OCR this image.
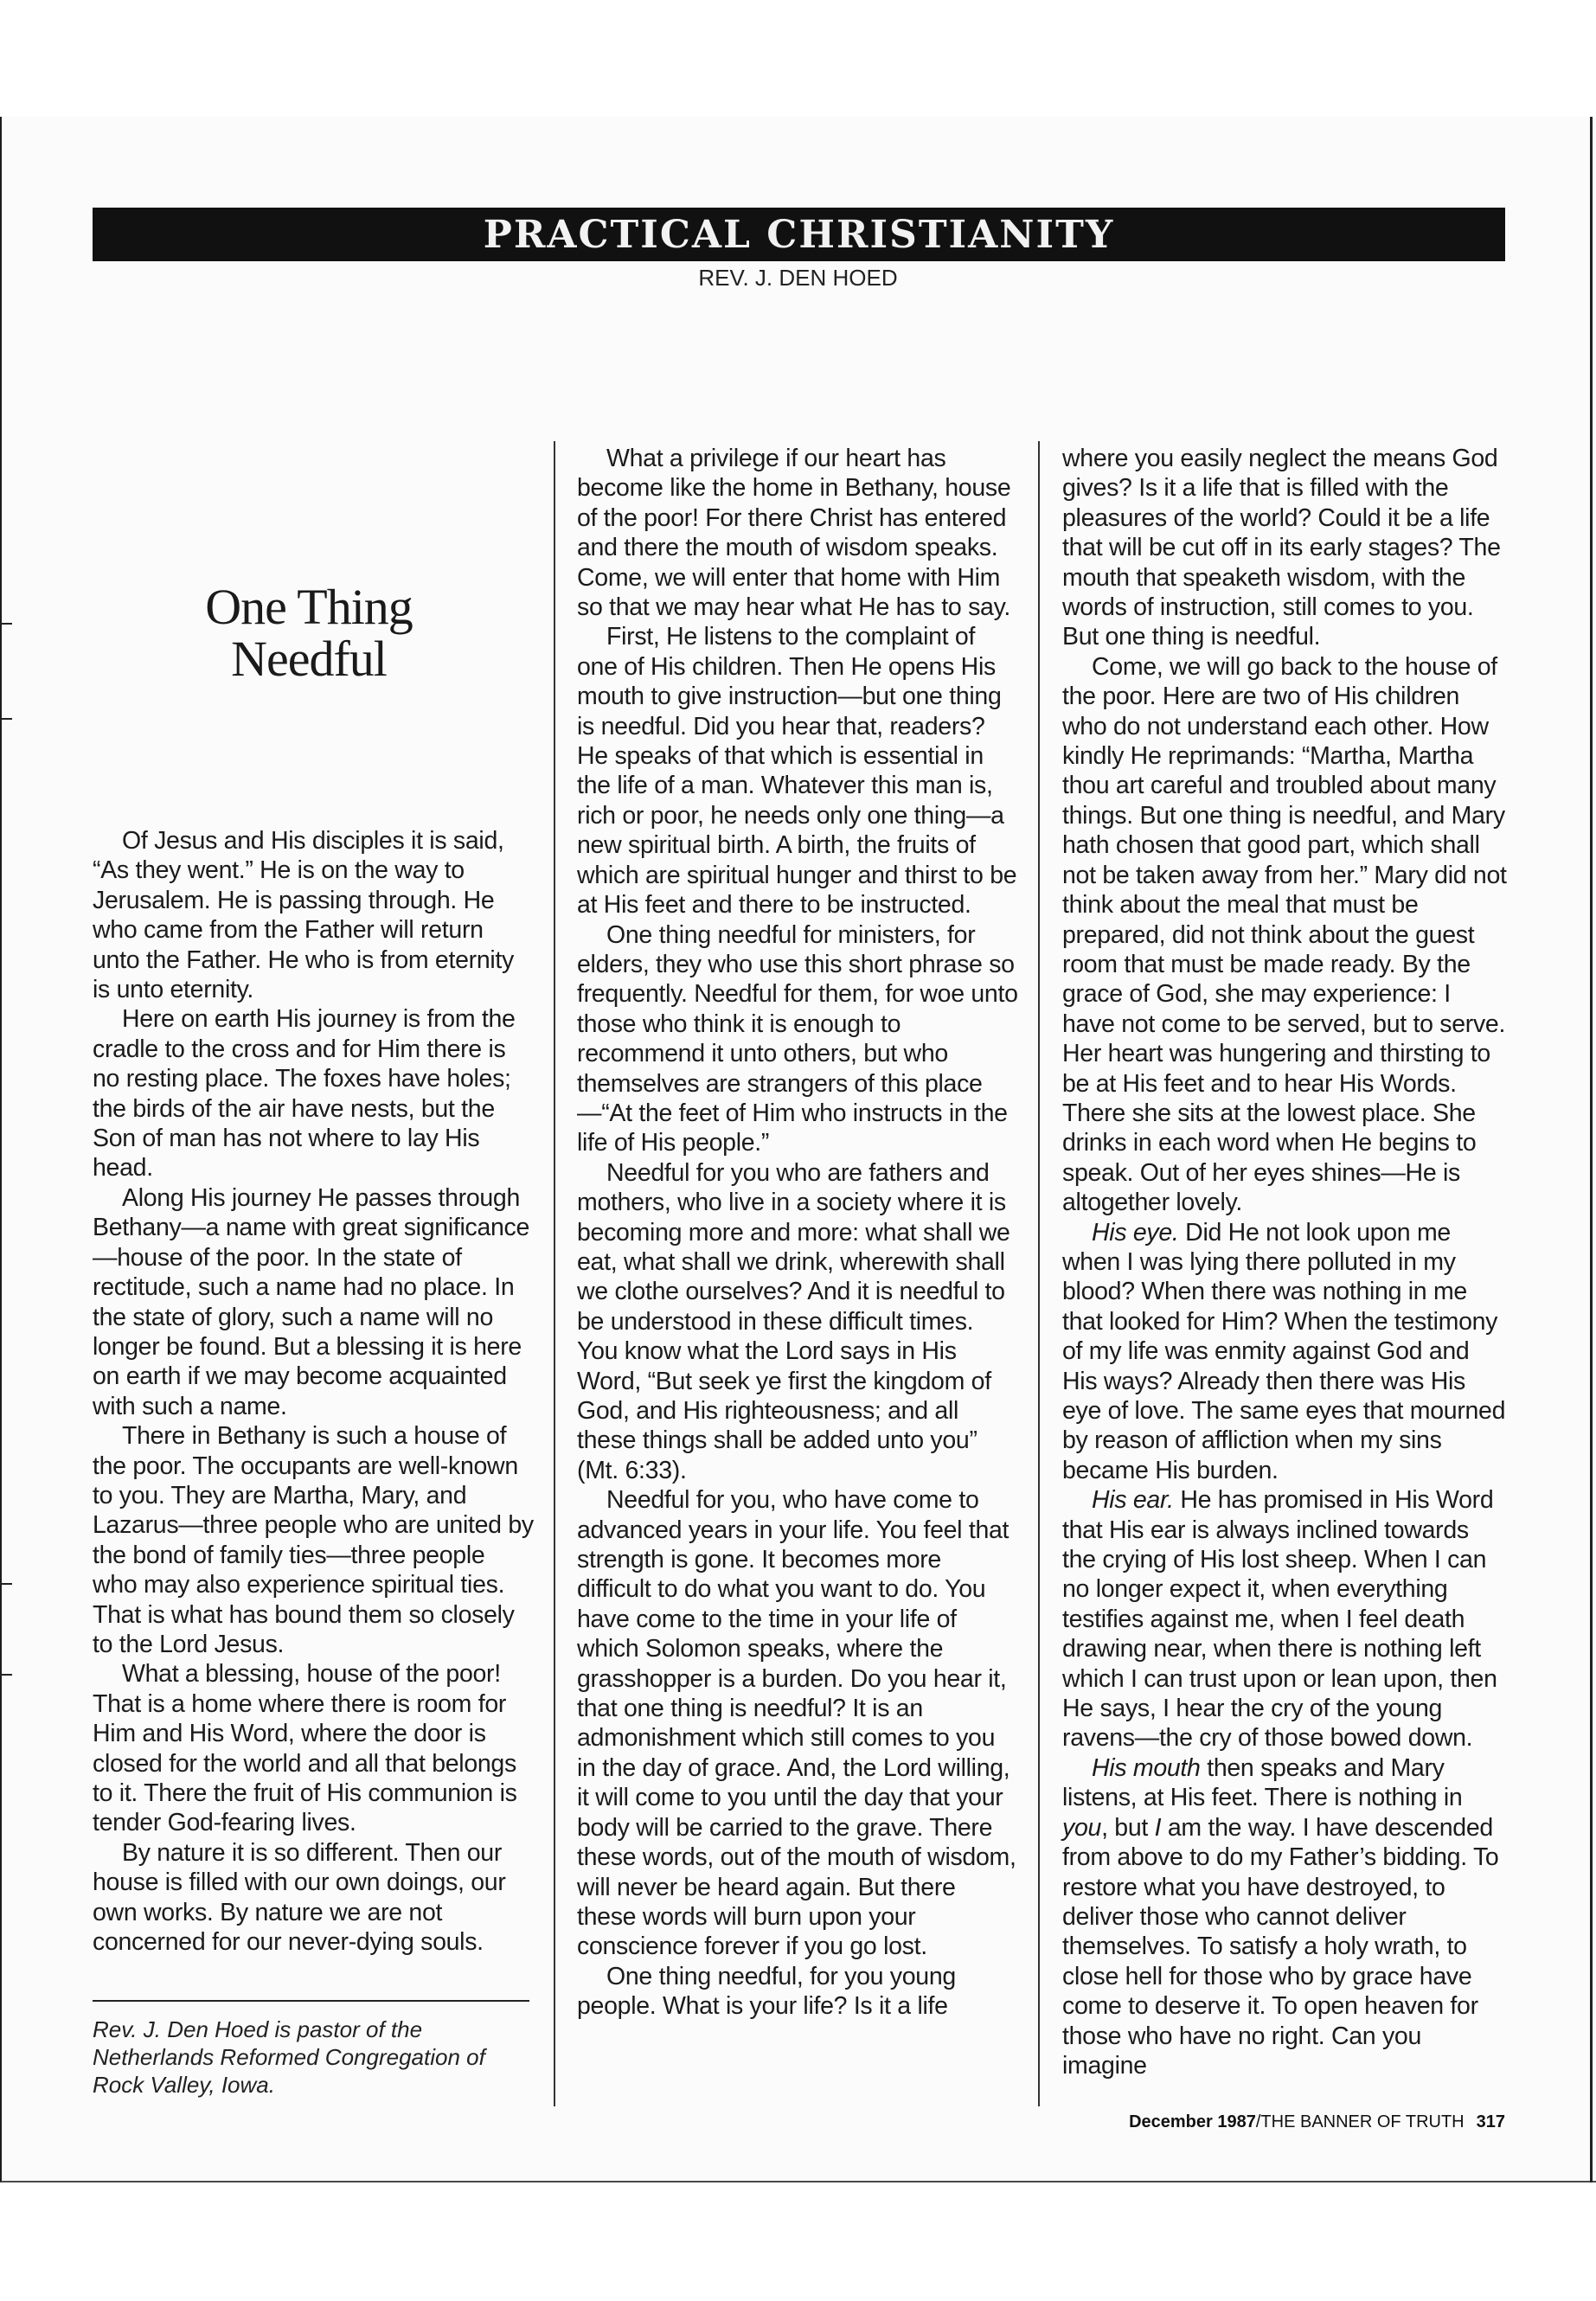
PRACTICAL CHRISTIANITY
REV. J. DEN HOED
One Thing
Needful

Of Jesus and His disciples it is said, “As they went.” He is on the way to Jerusalem. He is passing through. He who came from the Father will return unto the Father. He who is from eternity is unto eternity.

Here on earth His journey is from the cradle to the cross and for Him there is no resting place. The foxes have holes; the birds of the air have nests, but the Son of man has not where to lay His head.

Along His journey He passes through Bethany—a name with great significance—house of the poor. In the state of rectitude, such a name had no place. In the state of glory, such a name will no longer be found. But a blessing it is here on earth if we may become acquainted with such a name.

There in Bethany is such a house of the poor. The occupants are well-known to you. They are Martha, Mary, and Lazarus—three people who are united by the bond of family ties—three people who may also experience spiritual ties. That is what has bound them so closely to the Lord Jesus.

What a blessing, house of the poor! That is a home where there is room for Him and His Word, where the door is closed for the world and all that belongs to it. There the fruit of His communion is tender God-fearing lives.

By nature it is so different. Then our house is filled with our own doings, our own works. By nature we are not concerned for our never-dying souls.

Rev. J. Den Hoed is pastor of the Netherlands Reformed Congregation of Rock Valley, Iowa.

What a privilege if our heart has become like the home in Bethany, house of the poor! For there Christ has entered and there the mouth of wisdom speaks. Come, we will enter that home with Him so that we may hear what He has to say.

First, He listens to the complaint of one of His children. Then He opens His mouth to give instruction—but one thing is needful. Did you hear that, readers? He speaks of that which is essential in the life of a man. Whatever this man is, rich or poor, he needs only one thing—a new spiritual birth. A birth, the fruits of which are spiritual hunger and thirst to be at His feet and there to be instructed.

One thing needful for ministers, for elders, they who use this short phrase so frequently. Needful for them, for woe unto those who think it is enough to recommend it unto others, but who themselves are strangers of this place—“At the feet of Him who instructs in the life of His people.”

Needful for you who are fathers and mothers, who live in a society where it is becoming more and more: what shall we eat, what shall we drink, wherewith shall we clothe ourselves? And it is needful to be understood in these difficult times. You know what the Lord says in His Word, “But seek ye first the kingdom of God, and His righteousness; and all these things shall be added unto you” (Mt. 6:33).

Needful for you, who have come to advanced years in your life. You feel that strength is gone. It becomes more difficult to do what you want to do. You have come to the time in your life of which Solomon speaks, where the grasshopper is a burden. Do you hear it, that one thing is needful? It is an admonishment which still comes to you in the day of grace. And, the Lord willing, it will come to you until the day that your body will be carried to the grave. There these words, out of the mouth of wisdom, will never be heard again. But there these words will burn upon your conscience forever if you go lost.

One thing needful, for you young people. What is your life? Is it a life

where you easily neglect the means God gives? Is it a life that is filled with the pleasures of the world? Could it be a life that will be cut off in its early stages? The mouth that speaketh wisdom, with the words of instruction, still comes to you. But one thing is needful.

Come, we will go back to the house of the poor. Here are two of His children who do not understand each other. How kindly He reprimands: “Martha, Martha thou art careful and troubled about many things. But one thing is needful, and Mary hath chosen that good part, which shall not be taken away from her.” Mary did not think about the meal that must be prepared, did not think about the guest room that must be made ready. By the grace of God, she may experience: I have not come to be served, but to serve. Her heart was hungering and thirsting to be at His feet and to hear His Words. There she sits at the lowest place. She drinks in each word when He begins to speak. Out of her eyes shines—He is altogether lovely.

His eye. Did He not look upon me when I was lying there polluted in my blood? When there was nothing in me that looked for Him? When the testimony of my life was enmity against God and His ways? Already then there was His eye of love. The same eyes that mourned by reason of affliction when my sins became His burden.

His ear. He has promised in His Word that His ear is always inclined towards the crying of His lost sheep. When I can no longer expect it, when everything testifies against me, when I feel death drawing near, when there is nothing left which I can trust upon or lean upon, then He says, I hear the cry of the young ravens—the cry of those bowed down.

His mouth then speaks and Mary listens, at His feet. There is nothing in you, but I am the way. I have descended from above to do my Father’s bidding. To restore what you have destroyed, to deliver those who cannot deliver themselves. To satisfy a holy wrath, to close hell for those who by grace have come to deserve it. To open heaven for those who have no right. Can you imagine

December 1987/THE BANNER OF TRUTH 317
